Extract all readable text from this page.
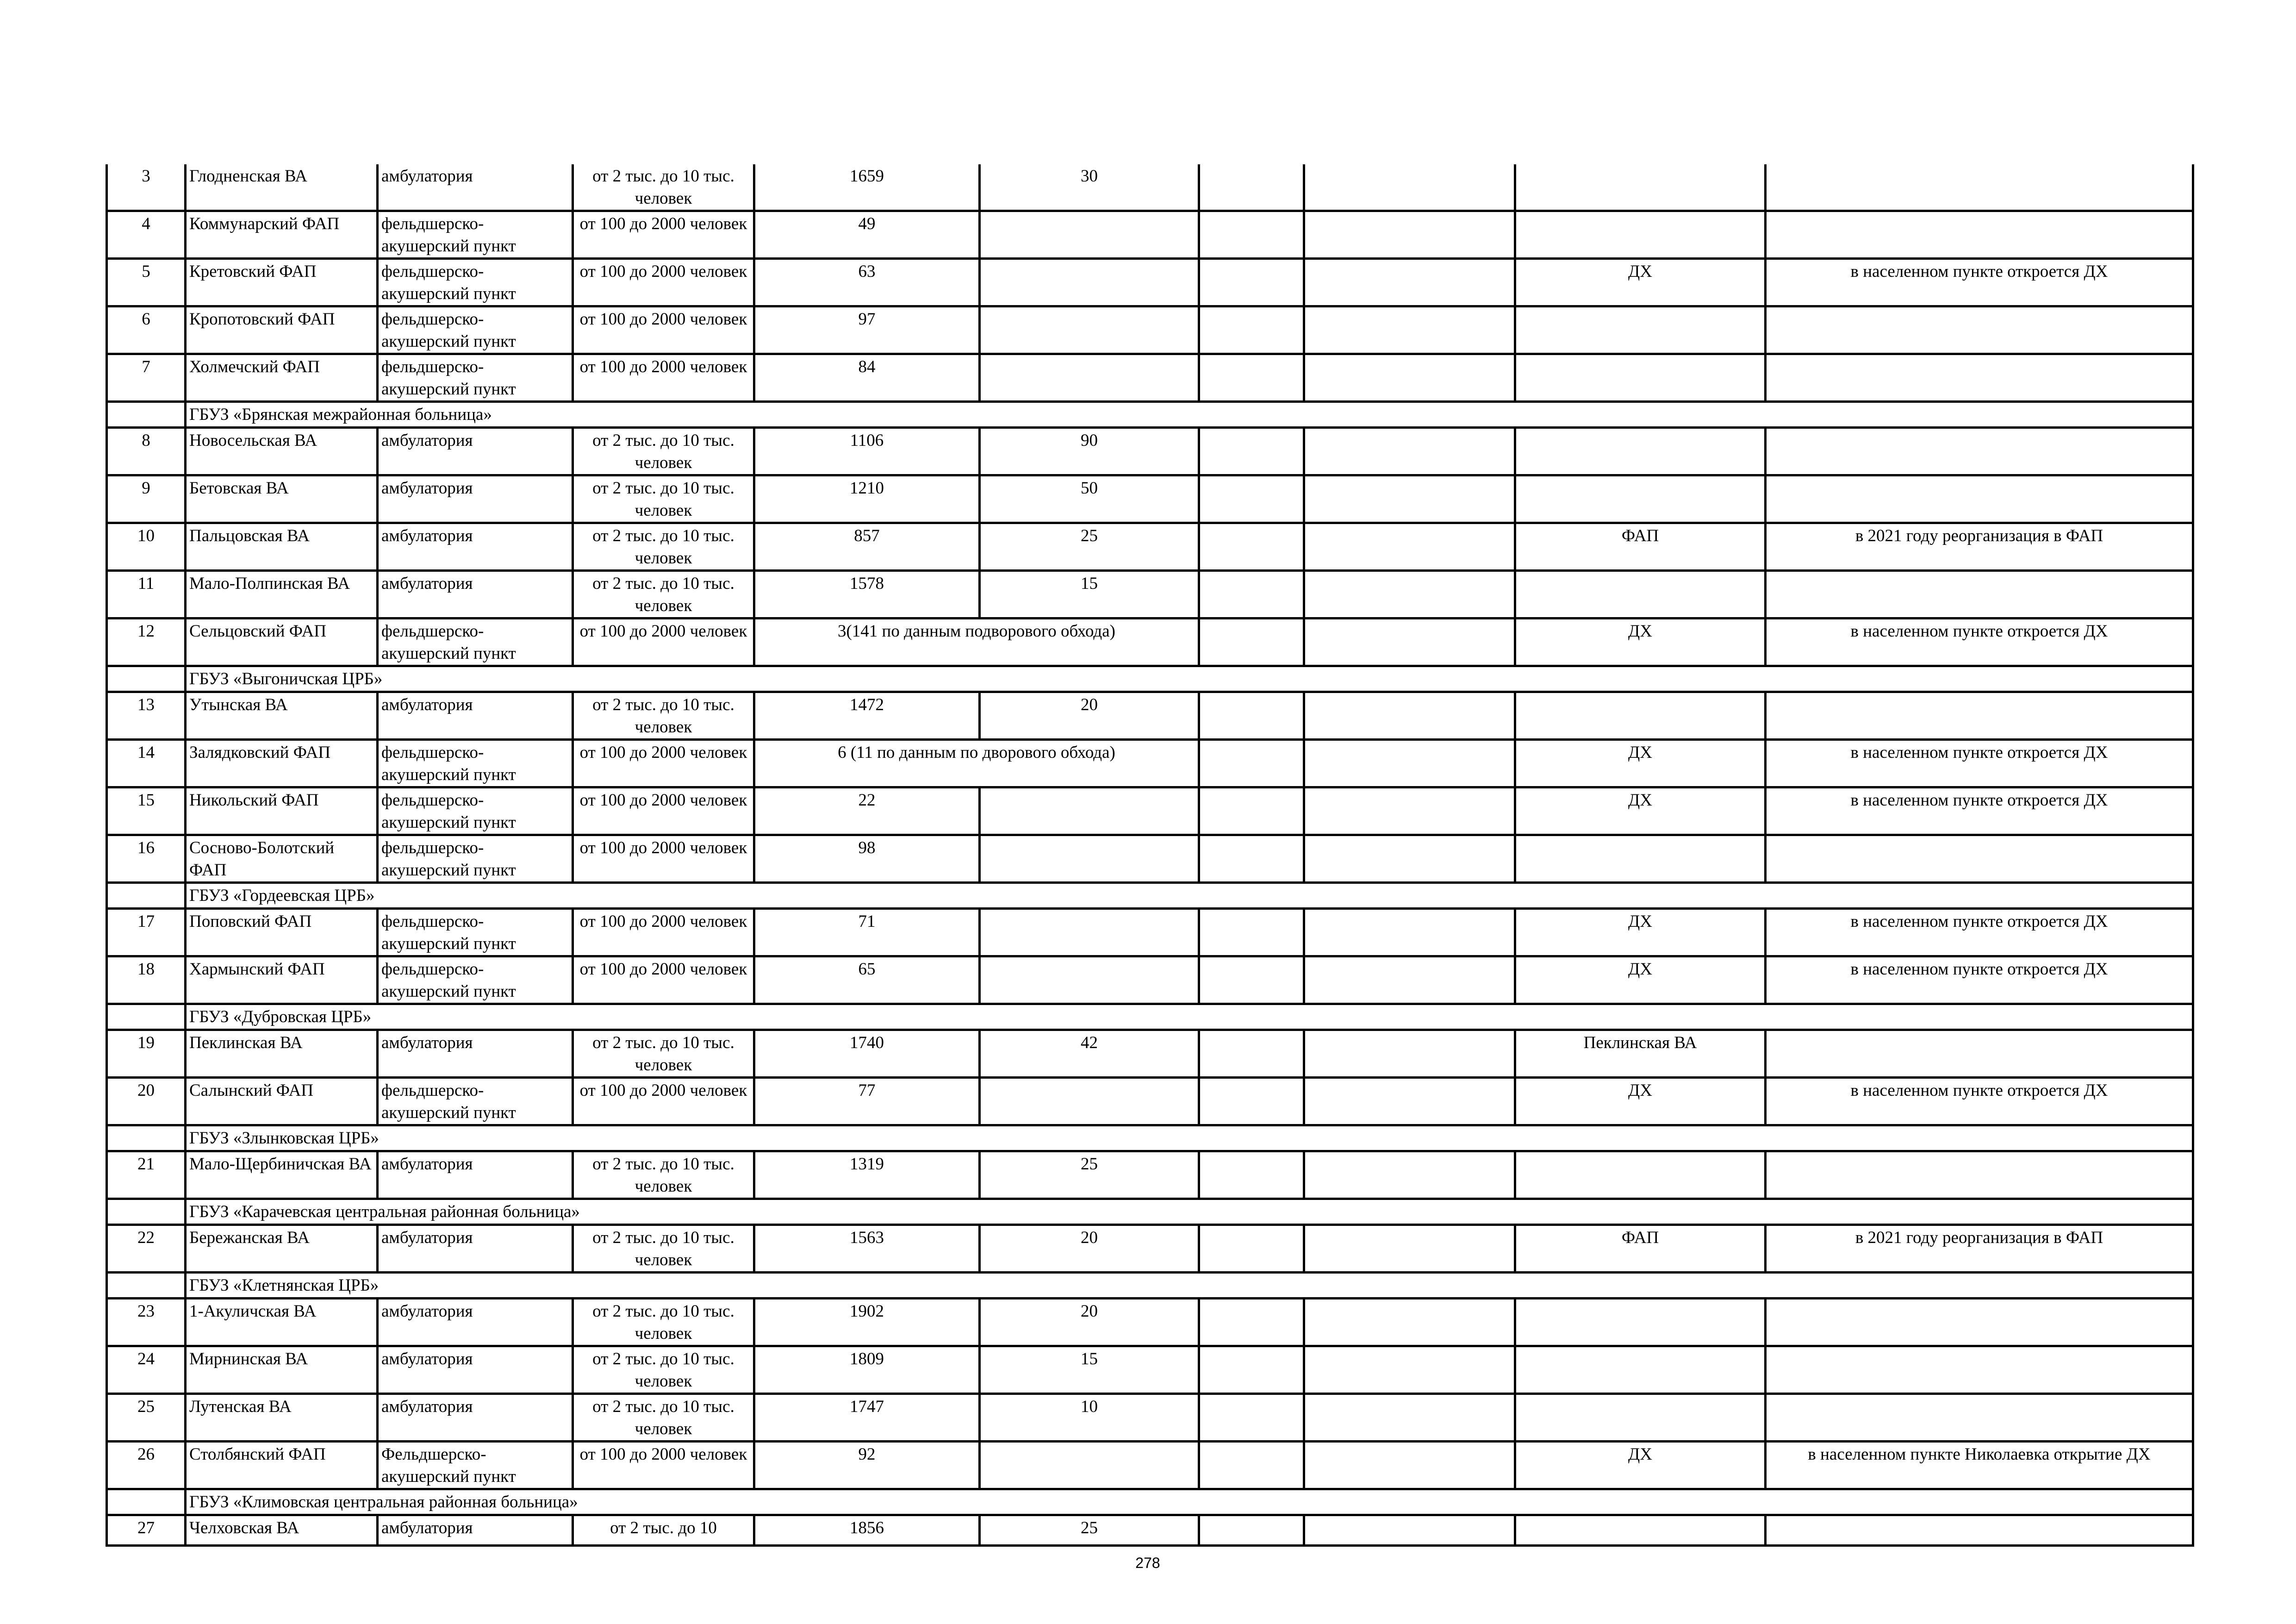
3	Глодненская ВА	амбулатория	от 2 тыс. до 10 тыс. человек	1659	30				
4	Коммунарский ФАП	фельдшерско-акушерский пункт	от 100 до 2000 человек	49					
5	Кретовский ФАП	фельдшерско-акушерский пункт	от 100 до 2000 человек	63				ДХ	в населенном пункте откроется ДХ
6	Кропотовский ФАП	фельдшерско-акушерский пункт	от 100 до 2000 человек	97					
7	Холмечский ФАП	фельдшерско-акушерский пункт	от 100 до 2000 человек	84					
	ГБУЗ «Брянская межрайонная больница»								
8	Новосельская ВА	амбулатория	от 2 тыс. до 10 тыс. человек	1106	90				
9	Бетовская ВА	амбулатория	от 2 тыс. до 10 тыс. человек	1210	50				
10	Пальцовская ВА	амбулатория	от 2 тыс. до 10 тыс. человек	857	25			ФАП	в 2021 году реорганизация в ФАП
11	Мало-Полпинская ВА	амбулатория	от 2 тыс. до 10 тыс. человек	1578	15				
12	Сельцовский ФАП	фельдшерско-акушерский пункт	от 100 до 2000 человек	3(141 по данным подворового обхода)				ДХ	в населенном пункте откроется ДХ
	ГБУЗ «Выгоничская ЦРБ»								
13	Утынская ВА	амбулатория	от 2 тыс. до 10 тыс. человек	1472	20				
14	Залядковский ФАП	фельдшерско-акушерский пункт	от 100 до 2000 человек	6 (11 по данным по дворового обхода)				ДХ	в населенном пункте откроется ДХ
15	Никольский ФАП	фельдшерско-акушерский пункт	от 100 до 2000 человек	22				ДХ	в населенном пункте откроется ДХ
16	Сосново-Болотский ФАП	фельдшерско-акушерский пункт	от 100 до 2000 человек	98					
	ГБУЗ «Гордеевская ЦРБ»								
17	Поповский ФАП	фельдшерско-акушерский пункт	от 100 до 2000 человек	71				ДХ	в населенном пункте откроется ДХ
18	Хармынский ФАП	фельдшерско-акушерский пункт	от 100 до 2000 человек	65				ДХ	в населенном пункте откроется ДХ
	ГБУЗ «Дубровская ЦРБ»								
19	Пеклинская ВА	амбулатория	от 2 тыс. до 10 тыс. человек	1740	42			Пеклинская ВА	
20	Салынский ФАП	фельдшерско-акушерский пункт	от 100 до 2000 человек	77				ДХ	в населенном пункте откроется ДХ
	ГБУЗ «Злынковская ЦРБ»								
21	Мало-Щербиничская ВА	амбулатория	от 2 тыс. до 10 тыс. человек	1319	25				
	ГБУЗ «Карачевская центральная районная больница»								
22	Бережанская ВА	амбулатория	от 2 тыс. до 10 тыс. человек	1563	20			ФАП	в 2021 году реорганизация в ФАП
	ГБУЗ «Клетнянская ЦРБ»								
23	1-Акуличская ВА	амбулатория	от 2 тыс. до 10 тыс. человек	1902	20				
24	Мирнинская ВА	амбулатория	от 2 тыс. до 10 тыс. человек	1809	15				
25	Лутенская ВА	амбулатория	от 2 тыс. до 10 тыс. человек	1747	10				
26	Столбянский ФАП	Фельдшерско-акушерский пункт	от 100 до 2000 человек	92				ДХ	в населенном пункте Николаевка открытие ДХ
	ГБУЗ «Климовская центральная районная больница»								
27	Челховская ВА	амбулатория	от 2 тыс. до 10	1856	25				
278
